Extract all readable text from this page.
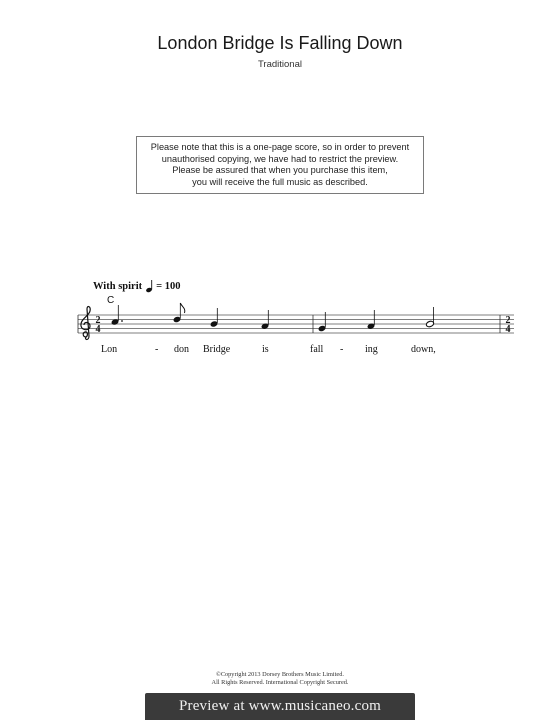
London Bridge Is Falling Down
Traditional
Please note that this is a one-page score, so in order to prevent
unauthorised copying, we have had to restrict the preview.
Please be assured that when you purchase this item,
you will receive the full music as described.
With spirit = 100
C
2
4
2
4
Lon	- don Bridge	is	fall - ing	down,
©Copyright 2013 Dorsey Brothers Music Limited.
All Rights Reserved. International Copyright Secured.
Preview at www.musicaneo.com
